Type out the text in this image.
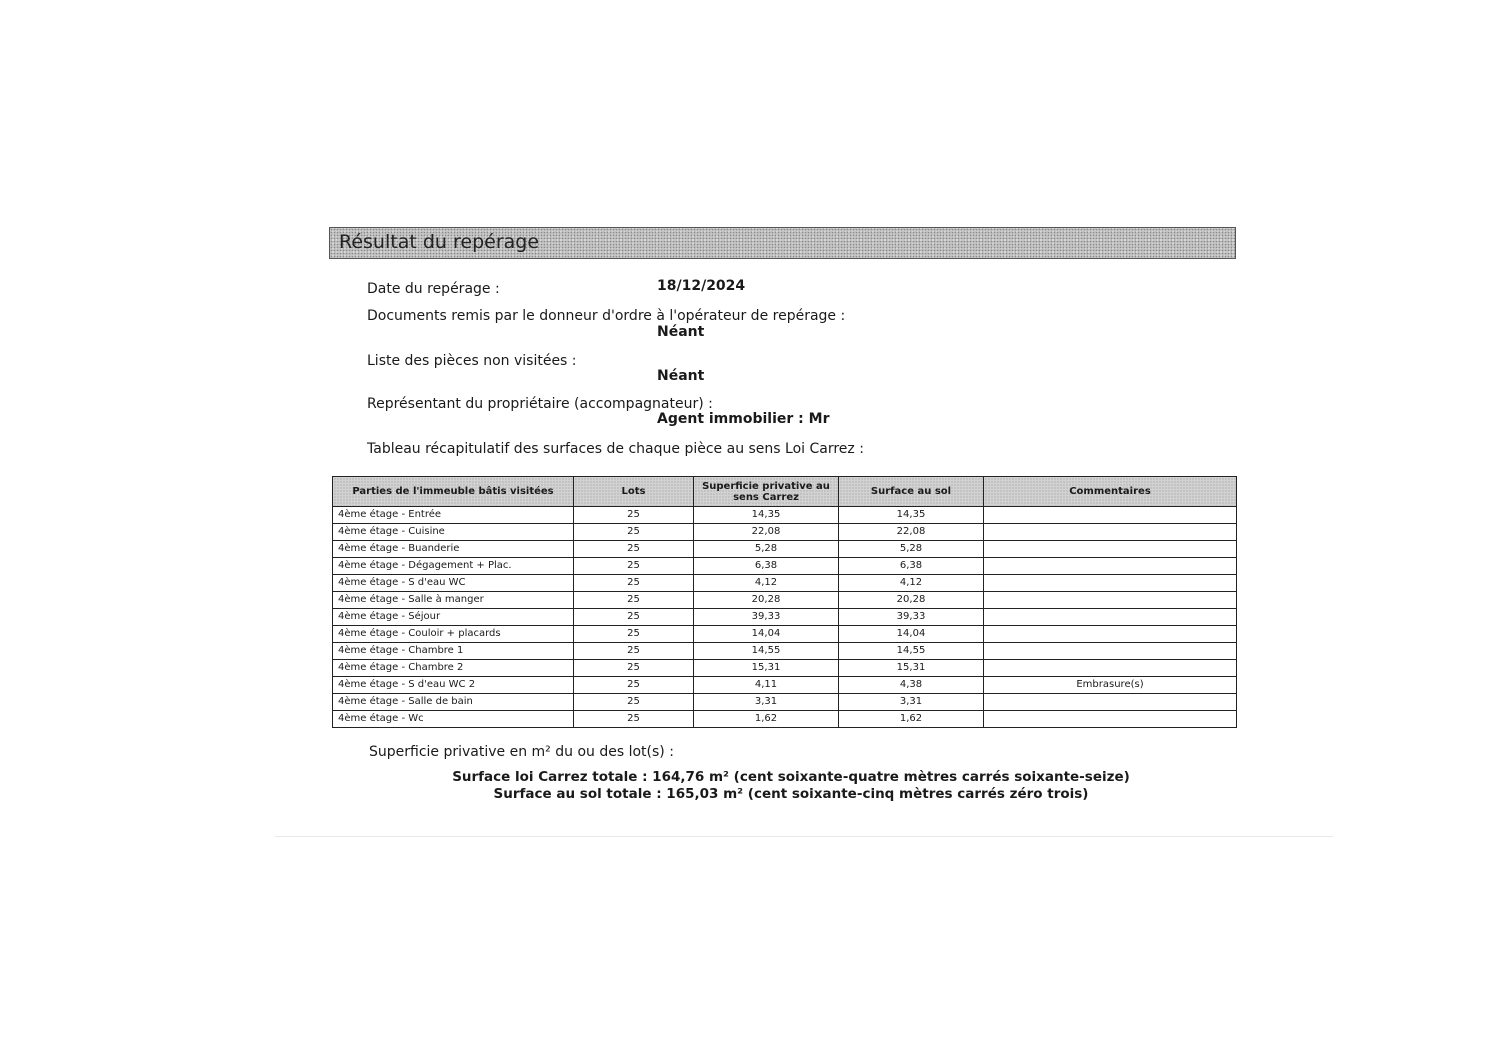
Résultat du repérage
Date du repérage :	18/12/2024
Documents remis par le donneur d'ordre à l'opérateur de repérage :
Néant
Liste des pièces non visitées :
Néant
Représentant du propriétaire (accompagnateur) :
Agent immobilier : Mr
Tableau récapitulatif des surfaces de chaque pièce au sens Loi Carrez :
Parties de l'immeuble bâtis visitées	Lots	Superficie privative au sens Carrez	Surface au sol	Commentaires
4ème étage - Entrée	25	14,35	14,35	
4ème étage - Cuisine	25	22,08	22,08	
4ème étage - Buanderie	25	5,28	5,28	
4ème étage - Dégagement + Plac.	25	6,38	6,38	
4ème étage - S d'eau WC	25	4,12	4,12	
4ème étage - Salle à manger	25	20,28	20,28	
4ème étage - Séjour	25	39,33	39,33	
4ème étage - Couloir + placards	25	14,04	14,04	
4ème étage - Chambre 1	25	14,55	14,55	
4ème étage - Chambre 2	25	15,31	15,31	
4ème étage - S d'eau WC 2	25	4,11	4,38	Embrasure(s)
4ème étage - Salle de bain	25	3,31	3,31	
4ème étage - Wc	25	1,62	1,62	
Superficie privative en m² du ou des lot(s) :
Surface loi Carrez totale : 164,76 m² (cent soixante-quatre mètres carrés soixante-seize)
Surface au sol totale : 165,03 m² (cent soixante-cinq mètres carrés zéro trois)
